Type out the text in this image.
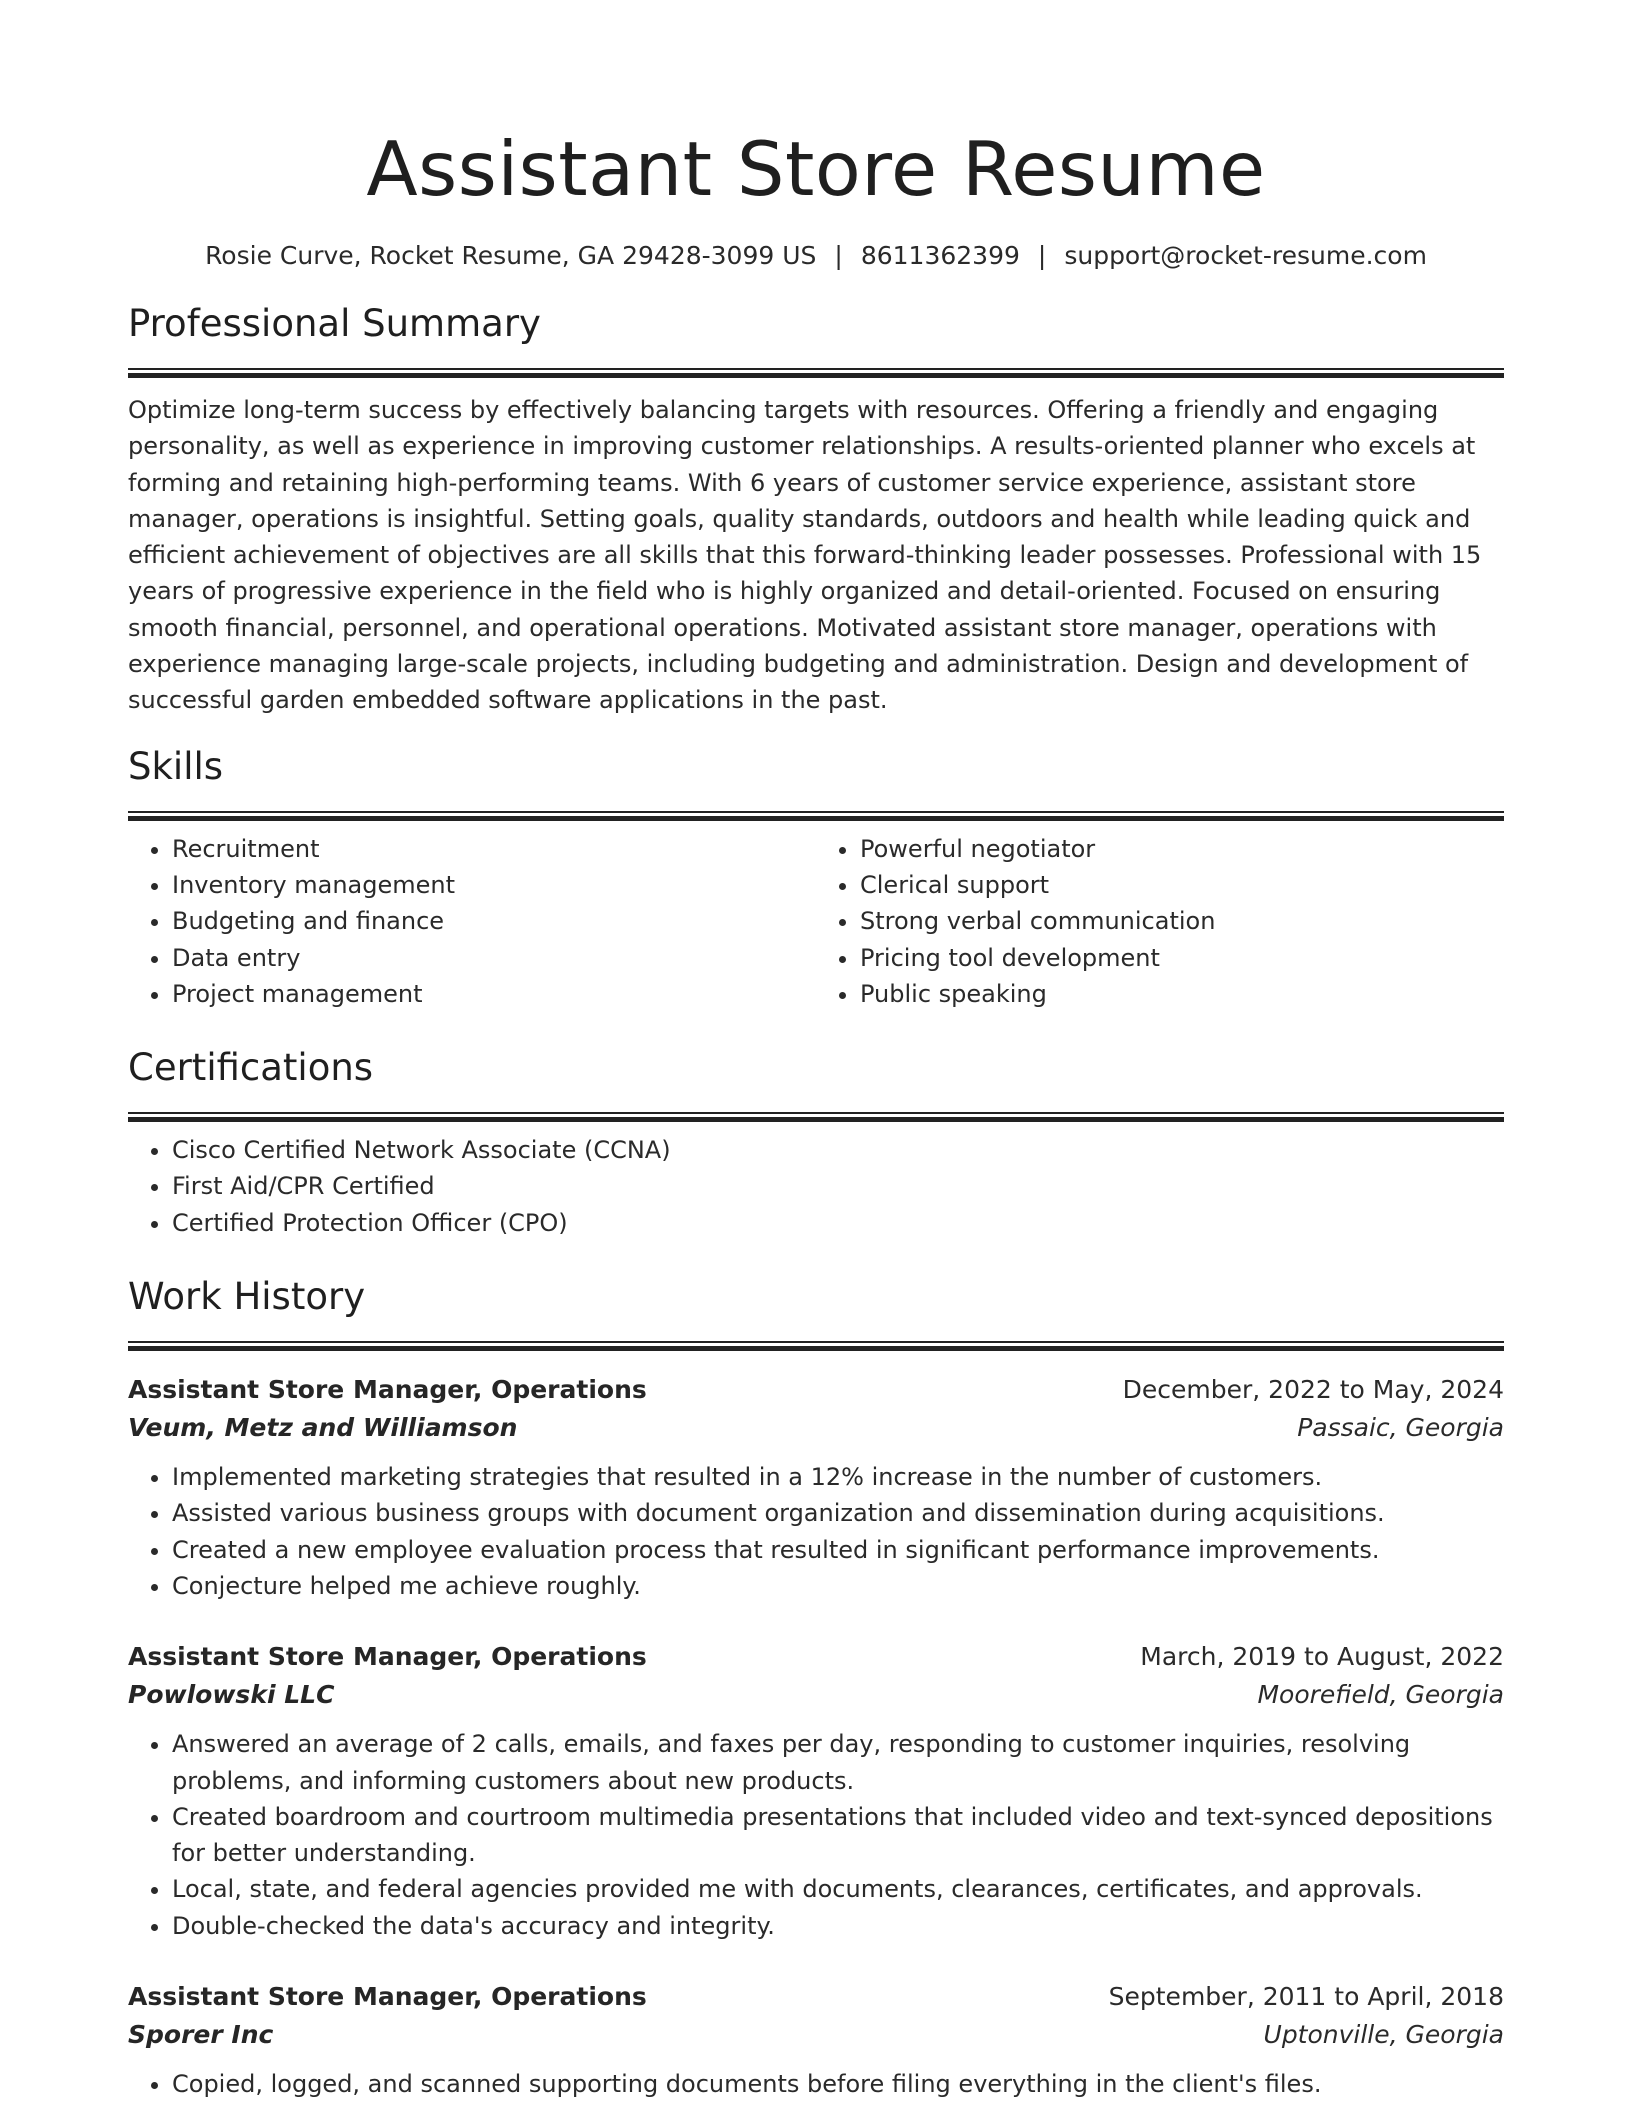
Assistant Store Resume
Rosie Curve, Rocket Resume, GA 29428-3099 US | 8611362399 | support@rocket-resume.com
Professional Summary

Optimize long-term success by effectively balancing targets with resources. Offering a friendly and engaging personality, as well as experience in improving customer relationships. A results-oriented planner who excels at forming and retaining high-performing teams. With 6 years of customer service experience, assistant store manager, operations is insightful. Setting goals, quality standards, outdoors and health while leading quick and efficient achievement of objectives are all skills that this forward-thinking leader possesses. Professional with 15 years of progressive experience in the field who is highly organized and detail-oriented. Focused on ensuring smooth financial, personnel, and operational operations. Motivated assistant store manager, operations with experience managing large-scale projects, including budgeting and administration. Design and development of successful garden embedded software applications in the past.

Skills
• Recruitment
• Inventory management
• Budgeting and finance
• Data entry
• Project management
• Powerful negotiator
• Clerical support
• Strong verbal communication
• Pricing tool development
• Public speaking
Certifications
• Cisco Certified Network Associate (CCNA)
• First Aid/CPR Certified
• Certified Protection Officer (CPO)
Work History
Assistant Store Manager, Operations	December, 2022 to May, 2024
Veum, Metz and Williamson	Passaic, Georgia
• Implemented marketing strategies that resulted in a 12% increase in the number of customers.
• Assisted various business groups with document organization and dissemination during acquisitions.
• Created a new employee evaluation process that resulted in significant performance improvements.
• Conjecture helped me achieve roughly.
Assistant Store Manager, Operations	March, 2019 to August, 2022
Powlowski LLC	Moorefield, Georgia
• Answered an average of 2 calls, emails, and faxes per day, responding to customer inquiries, resolving problems, and informing customers about new products.
• Created boardroom and courtroom multimedia presentations that included video and text-synced depositions for better understanding.
• Local, state, and federal agencies provided me with documents, clearances, certificates, and approvals.
• Double-checked the data's accuracy and integrity.
Assistant Store Manager, Operations	September, 2011 to April, 2018
Sporer Inc	Uptonville, Georgia
• Copied, logged, and scanned supporting documents before filing everything in the client's files.
